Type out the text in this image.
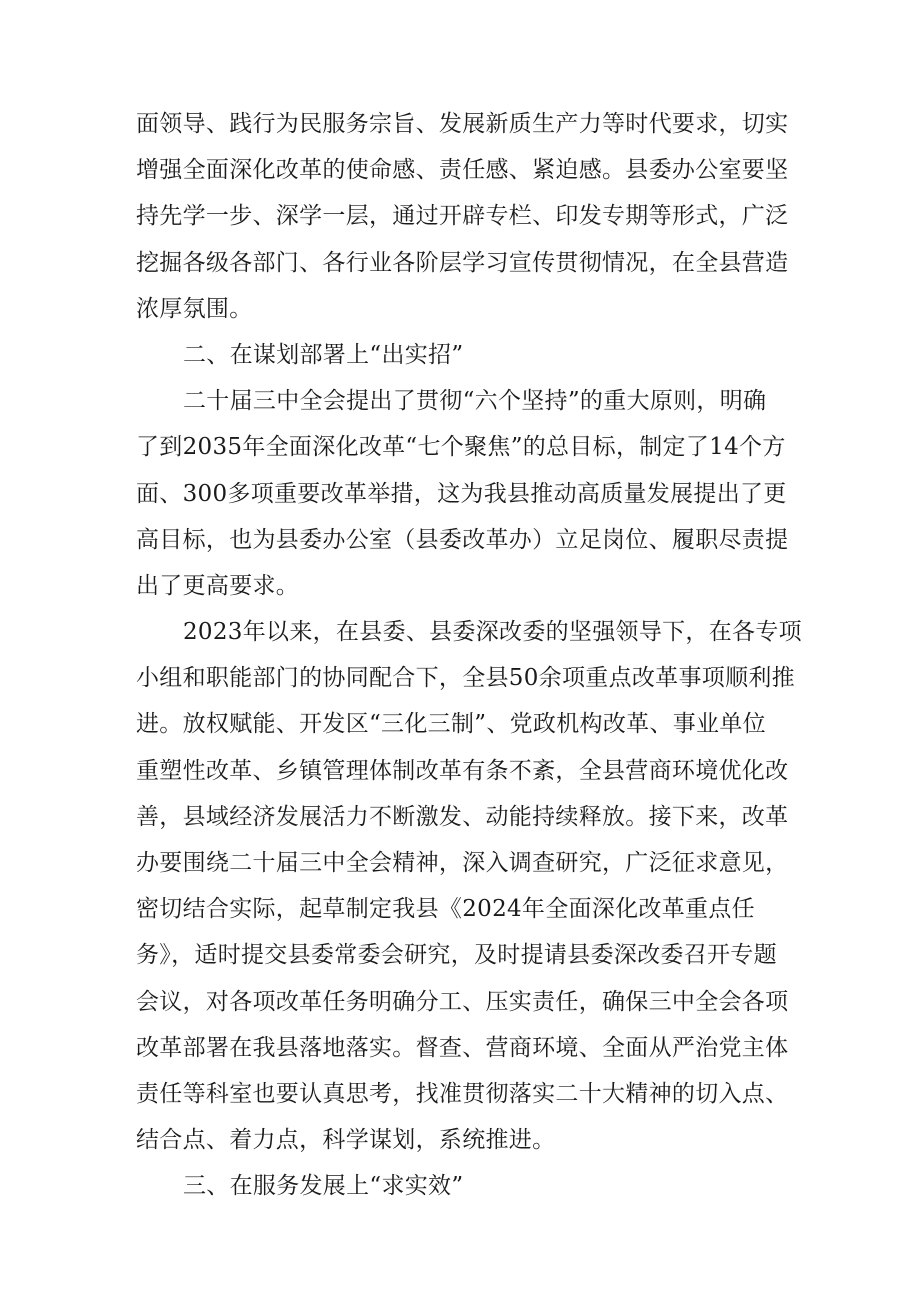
面领导、践行为民服务宗旨、发展新质生产力等时代要求，切实
增强全面深化改革的使命感、责任感、紧迫感。县委办公室要坚
持先学一步、深学一层，通过开辟专栏、印发专期等形式，广泛
挖掘各级各部门、各行业各阶层学习宣传贯彻情况，在全县营造
浓厚氛围。
二、在谋划部署上“出实招”
二十届三中全会提出了贯彻“六个坚持”的重大原则，明确
了到2035年全面深化改革“七个聚焦”的总目标，制定了14个方
面、300多项重要改革举措，这为我县推动高质量发展提出了更
高目标，也为县委办公室（县委改革办）立足岗位、履职尽责提
出了更高要求。
2023年以来，在县委、县委深改委的坚强领导下，在各专项
小组和职能部门的协同配合下，全县50余项重点改革事项顺利推
进。放权赋能、开发区“三化三制”、党政机构改革、事业单位
重塑性改革、乡镇管理体制改革有条不紊，全县营商环境优化改
善，县域经济发展活力不断激发、动能持续释放。接下来，改革
办要围绕二十届三中全会精神，深入调查研究，广泛征求意见，
密切结合实际，起草制定我县《2024年全面深化改革重点任
务》，适时提交县委常委会研究，及时提请县委深改委召开专题
会议，对各项改革任务明确分工、压实责任，确保三中全会各项
改革部署在我县落地落实。督查、营商环境、全面从严治党主体
责任等科室也要认真思考，找准贯彻落实二十大精神的切入点、
结合点、着力点，科学谋划，系统推进。
三、在服务发展上“求实效”
